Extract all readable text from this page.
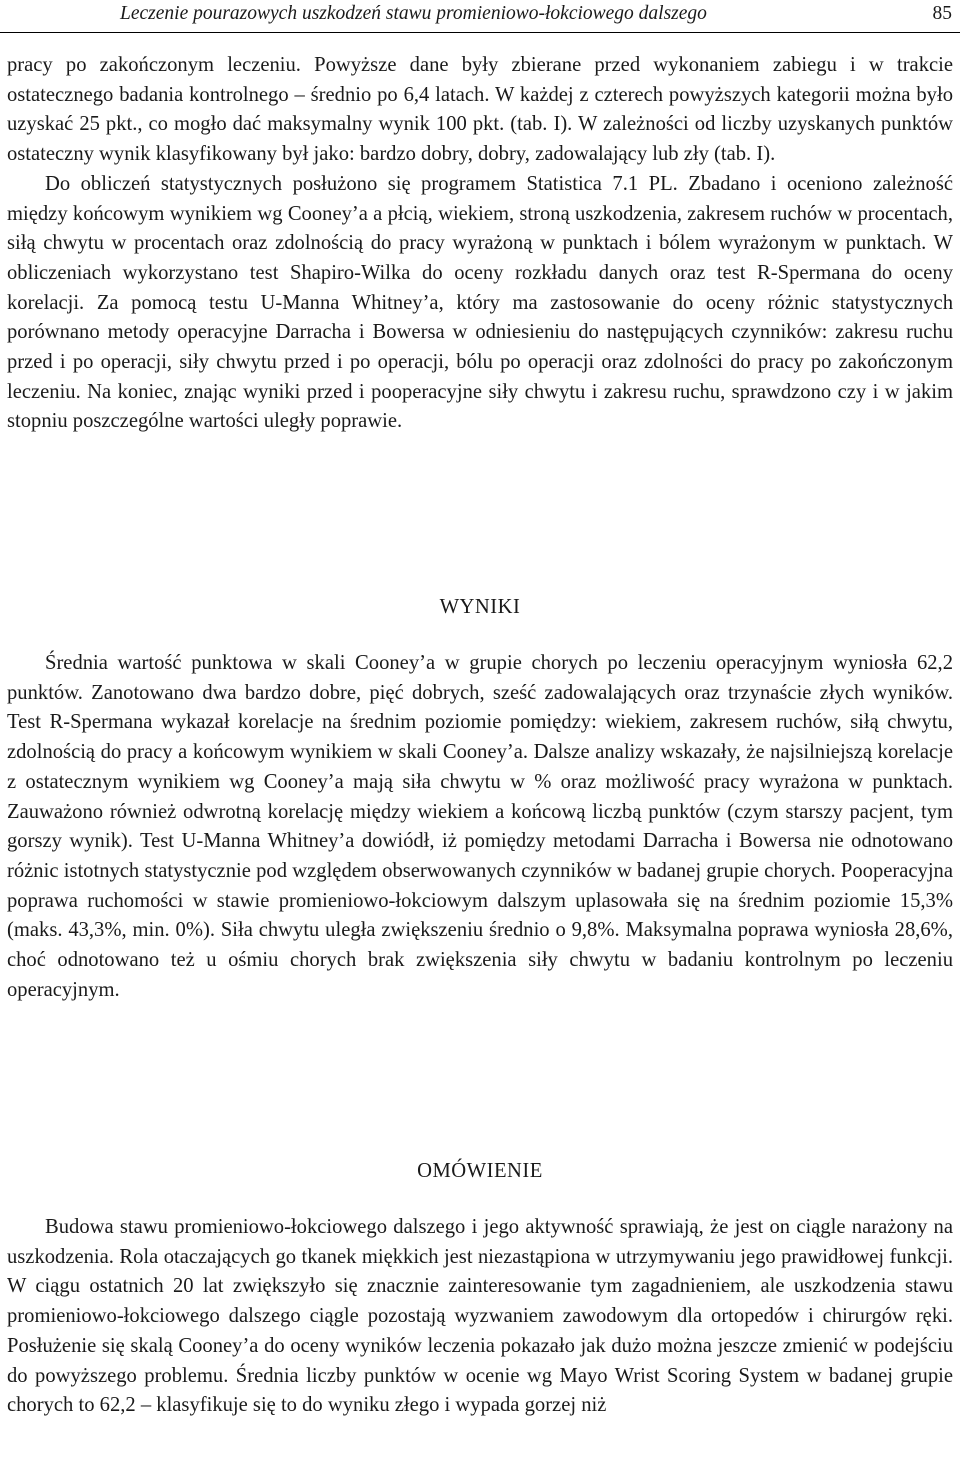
Leczenie pourazowych uszkodzeń stawu promieniowo-łokciowego dalszego	85

pracy po zakończonym leczeniu. Powyższe dane były zbierane przed wykonaniem zabiegu i w trakcie ostatecznego badania kontrolnego – średnio po 6,4 latach. W każdej z czterech powyższych kategorii można było uzyskać 25 pkt., co mogło dać maksymalny wynik 100 pkt. (tab. I). W zależności od liczby uzyskanych punktów ostateczny wynik klasyfikowany był jako: bardzo dobry, dobry, zadowalający lub zły (tab. I).

Do obliczeń statystycznych posłużono się programem Statistica 7.1 PL. Zbadano i oceniono zależność między końcowym wynikiem wg Cooney’a a płcią, wiekiem, stroną uszkodzenia, zakresem ruchów w procentach, siłą chwytu w procentach oraz zdolnością do pracy wyrażoną w punktach i bólem wyrażonym w punktach. W obliczeniach wykorzystano test Shapiro-Wilka do oceny rozkładu danych oraz test R-Spermana do oceny korelacji. Za pomocą testu U-Manna Whitney’a, który ma zastosowanie do oceny różnic statystycznych porównano metody operacyjne Darracha i Bowersa w odniesieniu do następujących czynników: zakresu ruchu przed i po operacji, siły chwytu przed i po operacji, bólu po operacji oraz zdolności do pracy po zakończonym leczeniu. Na koniec, znając wyniki przed i pooperacyjne siły chwytu i zakresu ruchu, sprawdzono czy i w jakim stopniu poszczególne wartości uległy poprawie.

WYNIKI

Średnia wartość punktowa w skali Cooney’a w grupie chorych po leczeniu operacyjnym wyniosła 62,2 punktów. Zanotowano dwa bardzo dobre, pięć dobrych, sześć zadowalających oraz trzynaście złych wyników. Test R-Spermana wykazał korelacje na średnim poziomie pomiędzy: wiekiem, zakresem ruchów, siłą chwytu, zdolnością do pracy a końcowym wynikiem w skali Cooney’a. Dalsze analizy wskazały, że najsilniejszą korelacje z ostatecznym wynikiem wg Cooney’a mają siła chwytu w % oraz możliwość pracy wyrażona w punktach. Zauważono również odwrotną korelację między wiekiem a końcową liczbą punktów (czym starszy pacjent, tym gorszy wynik). Test U-Manna Whitney’a dowiódł, iż pomiędzy metodami Darracha i Bowersa nie odnotowano różnic istotnych statystycznie pod względem obserwowanych czynników w badanej grupie chorych. Pooperacyjna poprawa ruchomości w stawie promieniowo-łokciowym dalszym uplasowała się na średnim poziomie 15,3% (maks. 43,3%, min. 0%). Siła chwytu uległa zwiększeniu średnio o 9,8%. Maksymalna poprawa wyniosła 28,6%, choć odnotowano też u ośmiu chorych brak zwiększenia siły chwytu w badaniu kontrolnym po leczeniu operacyjnym.

OMÓWIENIE

Budowa stawu promieniowo-łokciowego dalszego i jego aktywność sprawiają, że jest on ciągle narażony na uszkodzenia. Rola otaczających go tkanek miękkich jest niezastąpiona w utrzymywaniu jego prawidłowej funkcji. W ciągu ostatnich 20 lat zwiększyło się znacznie zainteresowanie tym zagadnieniem, ale uszkodzenia stawu promieniowo-łokciowego dalszego ciągle pozostają wyzwaniem zawodowym dla ortopedów i chirurgów ręki. Posłużenie się skalą Cooney’a do oceny wyników leczenia pokazało jak dużo można jeszcze zmienić w podejściu do powyższego problemu. Średnia liczby punktów w ocenie wg Mayo Wrist Scoring System w badanej grupie chorych to 62,2 – klasyfikuje się to do wyniku złego i wypada gorzej niż
